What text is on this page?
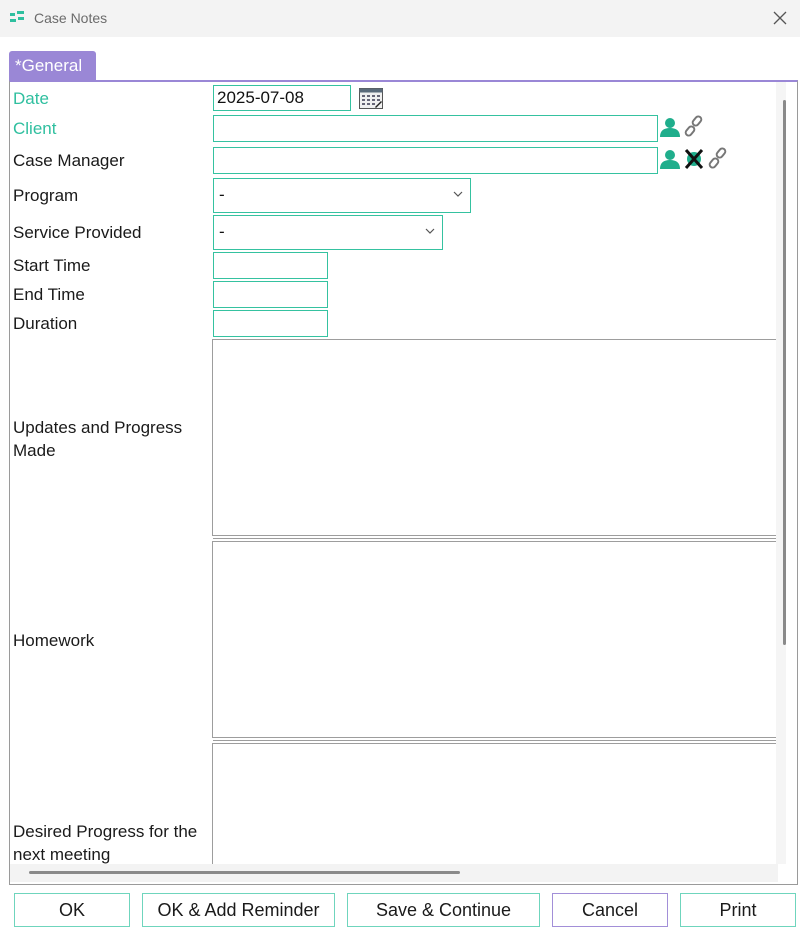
Case Notes
*General
Date	2025-07-08
Client
Case Manager
Program	-
Service Provided	-
Start Time
End Time
Duration
Updates and Progress Made
Homework
Desired Progress for the next meeting
OK	OK & Add Reminder	Save & Continue	Cancel	Print
